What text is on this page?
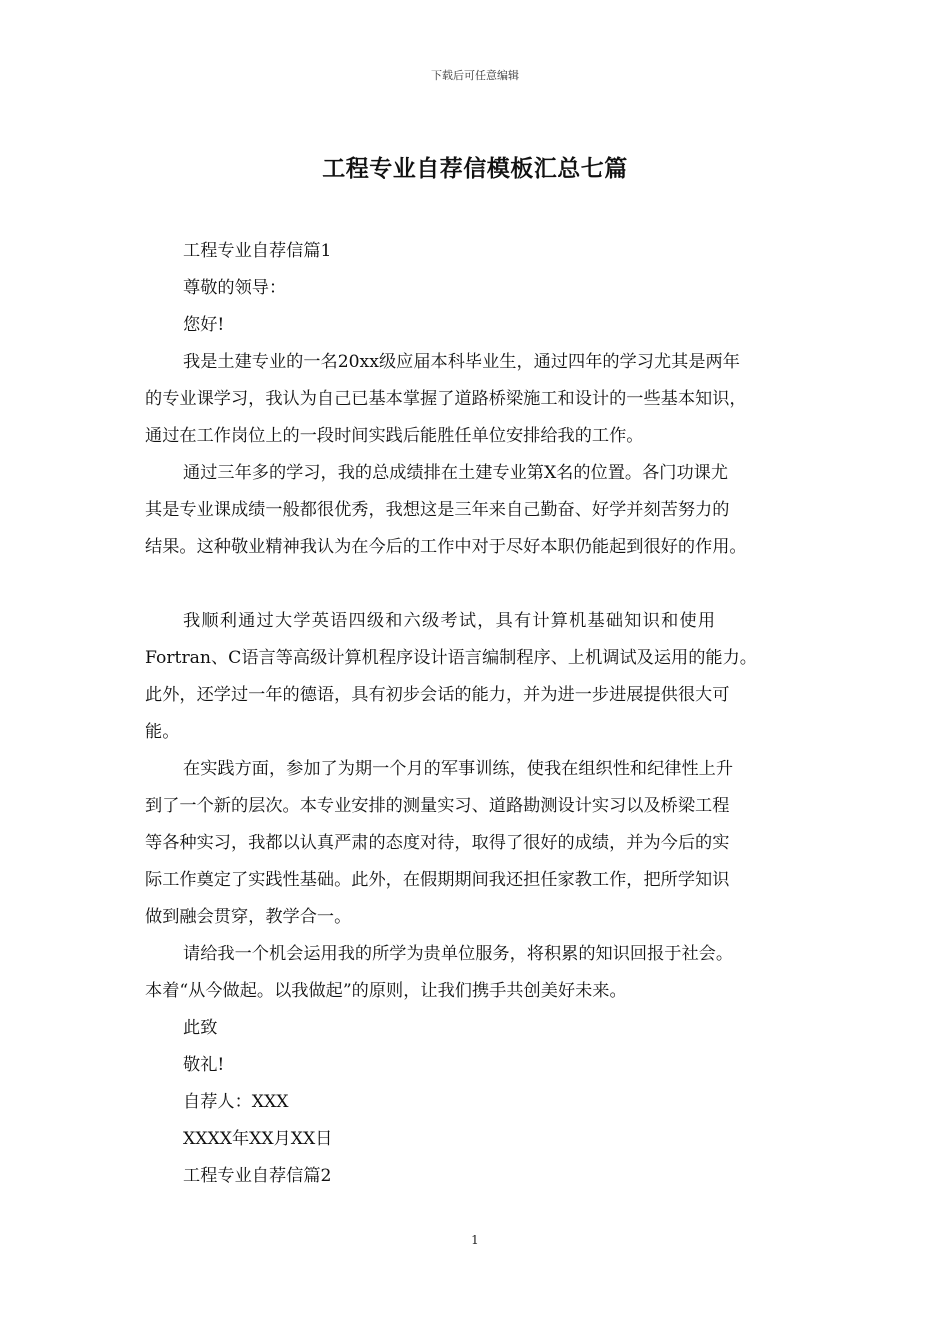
下载后可任意编辑
工程专业自荐信模板汇总七篇
工程专业自荐信篇1
尊敬的领导：
您好!
我是土建专业的一名20xx级应届本科毕业生，通过四年的学习尤其是两年
的专业课学习，我认为自己已基本掌握了道路桥梁施工和设计的一些基本知识，
通过在工作岗位上的一段时间实践后能胜任单位安排给我的工作。
通过三年多的学习，我的总成绩排在土建专业第X名的位置。各门功课尤
其是专业课成绩一般都很优秀，我想这是三年来自己勤奋、好学并刻苦努力的
结果。这种敬业精神我认为在今后的工作中对于尽好本职仍能起到很好的作用。
我顺利通过大学英语四级和六级考试，具有计算机基础知识和使用
Fortran、C语言等高级计算机程序设计语言编制程序、上机调试及运用的能力。
此外，还学过一年的德语，具有初步会话的能力，并为进一步进展提供很大可
能。
在实践方面，参加了为期一个月的军事训练，使我在组织性和纪律性上升
到了一个新的层次。本专业安排的测量实习、道路勘测设计实习以及桥梁工程
等各种实习，我都以认真严肃的态度对待，取得了很好的成绩，并为今后的实
际工作奠定了实践性基础。此外，在假期期间我还担任家教工作，把所学知识
做到融会贯穿，教学合一。
请给我一个机会运用我的所学为贵单位服务，将积累的知识回报于社会。
本着“从今做起。以我做起”的原则，让我们携手共创美好未来。
此致
敬礼!
自荐人：XXX
XXXX年XX月XX日
工程专业自荐信篇2
1
